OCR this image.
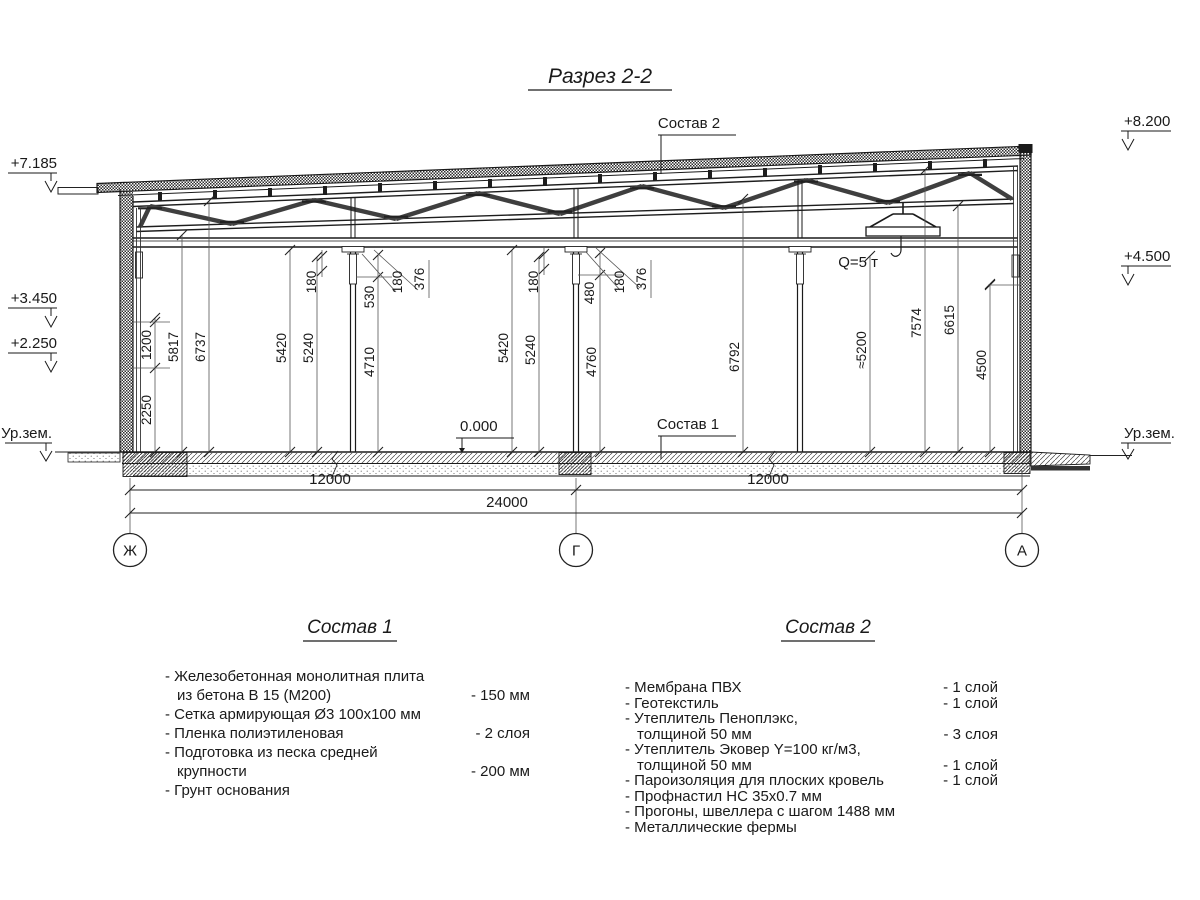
Разрез 2-2
Q=5 т
1200
2250
5817 6737	5420 5240	4710
530
180	180 376
5420 5240	4760
480
180	180 376
6792	≈5200
7574 6615
4500
12000	12000
24000
Ж	Г	А
+7.185
+3.450
+2.250
Ур.зем.
+8.200
+4.500
Ур.зем.
0.000	Состав 1
Состав 2
Состав 1
- Железобетонная монолитная плита
из бетона В 15 (М200)	- 150 мм
- Сетка армирующая Ø3 100х100 мм
- Пленка полиэтиленовая	- 2 слоя
- Подготовка из песка средней
крупности	- 200 мм
- Грунт основания
Состав 2
- Мембрана ПВХ	- 1 слой
- Геотекстиль	- 1 слой
- Утеплитель Пеноплэкс,
толщиной 50 мм	- 3 слоя
- Утеплитель Эковер Y=100 кг/м3,
толщиной 50 мм	- 1 слой
- Пароизоляция для плоских кровель	- 1 слой
- Профнастил НС 35х0.7 мм
- Прогоны, швеллера с шагом 1488 мм
- Металлические фермы
